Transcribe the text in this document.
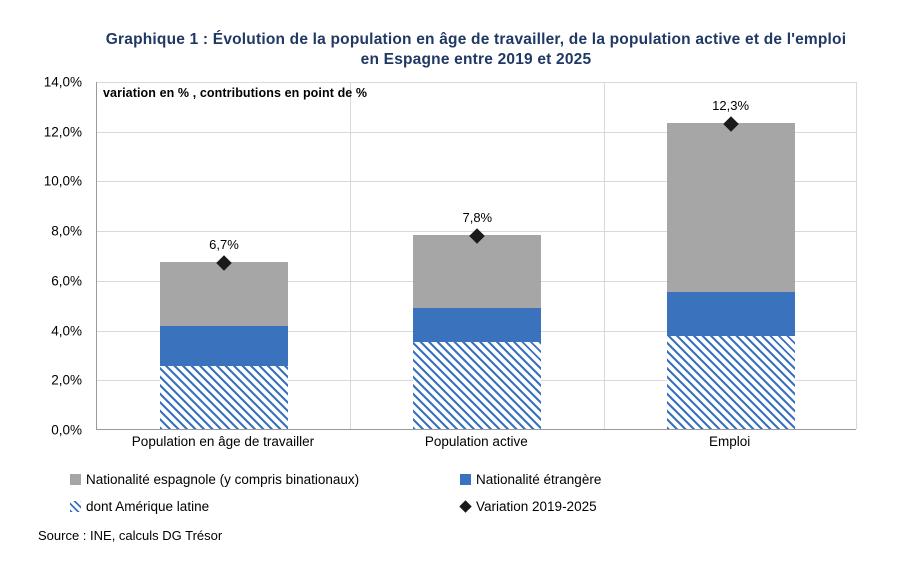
Graphique 1 : Évolution de la population en âge de travailler, de la population active et de l'emploi en Espagne entre 2019 et 2025
0,0%
2,0%
4,0%
6,0%
8,0%
10,0%
12,0%
14,0%
variation en % , contributions en point de %
6,7%
7,8%
12,3%
Population en âge de travailler	Population active	Emploi
Nationalité espagnole (y compris binationaux)	Nationalité étrangère
dont Amérique latine	Variation 2019-2025
Source : INE, calculs DG Trésor
